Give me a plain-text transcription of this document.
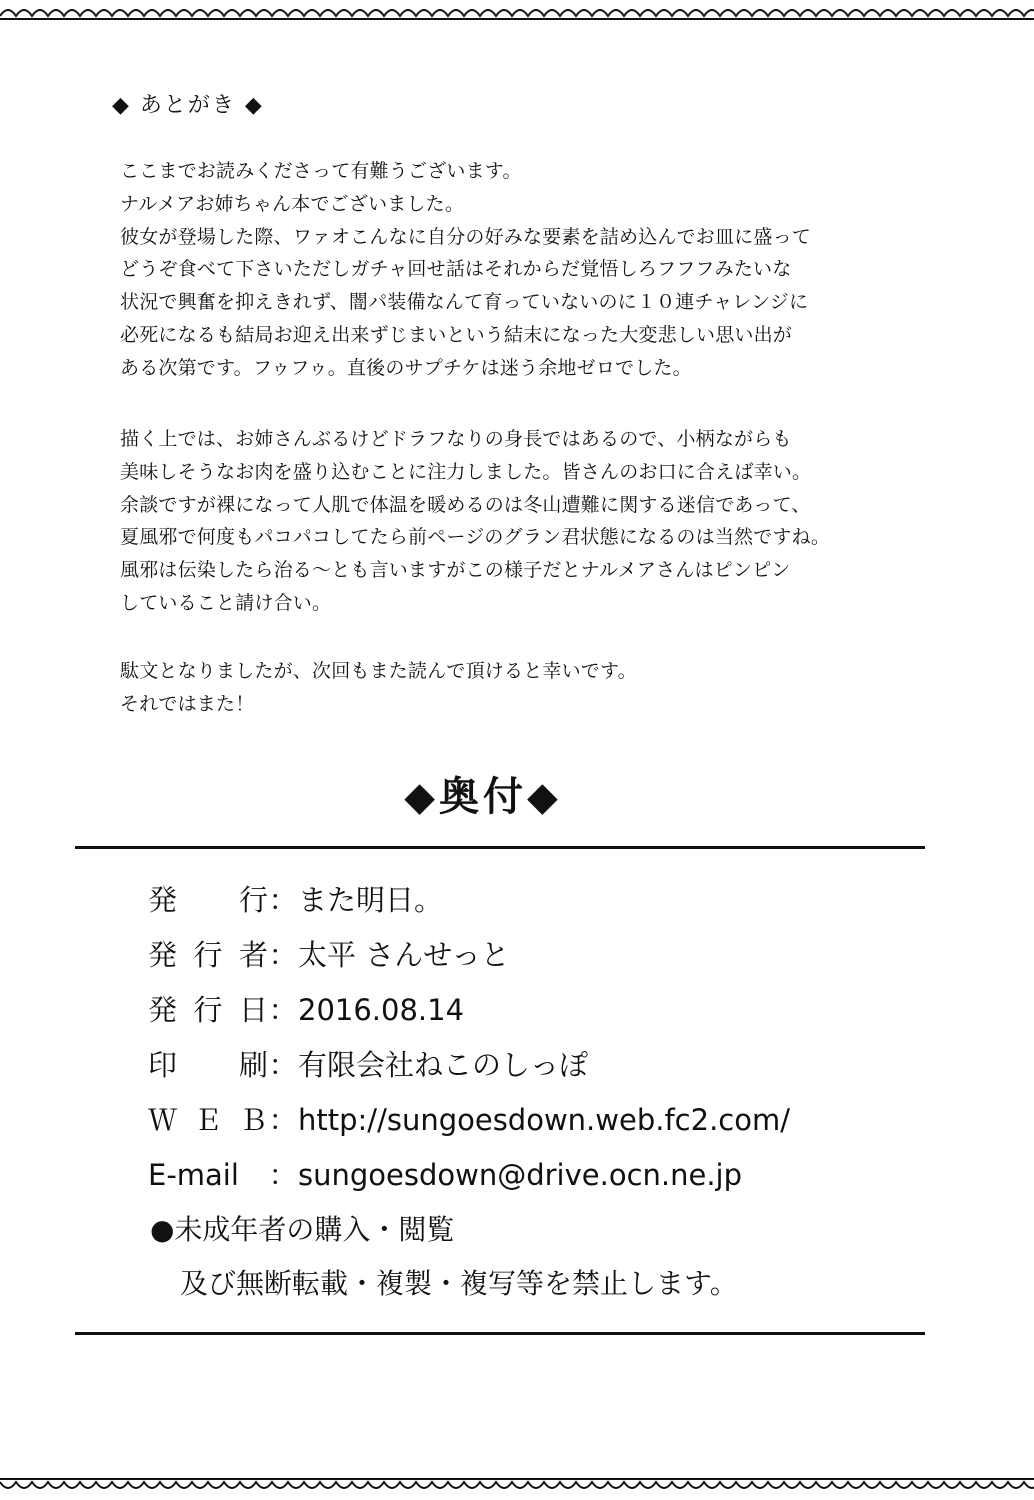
◆ あとがき ◆
ここまでお読みくださって有難うございます。
ナルメアお姉ちゃん本でございました。
彼女が登場した際、ワァオこんなに自分の好みな要素を詰め込んでお皿に盛って
どうぞ食べて下さいただしガチャ回せ話はそれからだ覚悟しろフフフみたいな
状況で興奮を抑えきれず、闇パ装備なんて育っていないのに１０連チャレンジに
必死になるも結局お迎え出来ずじまいという結末になった大変悲しい思い出が
ある次第です。フゥフゥ。直後のサプチケは迷う余地ゼロでした。
描く上では、お姉さんぶるけどドラフなりの身長ではあるので、小柄ながらも
美味しそうなお肉を盛り込むことに注力しました。皆さんのお口に合えば幸い。
余談ですが裸になって人肌で体温を暖めるのは冬山遭難に関する迷信であって、
夏風邪で何度もパコパコしてたら前ページのグラン君状態になるのは当然ですね。
風邪は伝染したら治る～とも言いますがこの様子だとナルメアさんはピンピン
していること請け合い。
駄文となりましたが、次回もまた読んで頂けると幸いです。
それではまた！
◆奥付◆
発　行：また明日。
発行者：太平 さんせっと
発行日：2016.08.14
印　刷：有限会社ねこのしっぽ
ＷＥＢ：http://sungoesdown.web.fc2.com/
E-mail ：sungoesdown@drive.ocn.ne.jp
●未成年者の購入・閲覧
及び無断転載・複製・複写等を禁止します。
